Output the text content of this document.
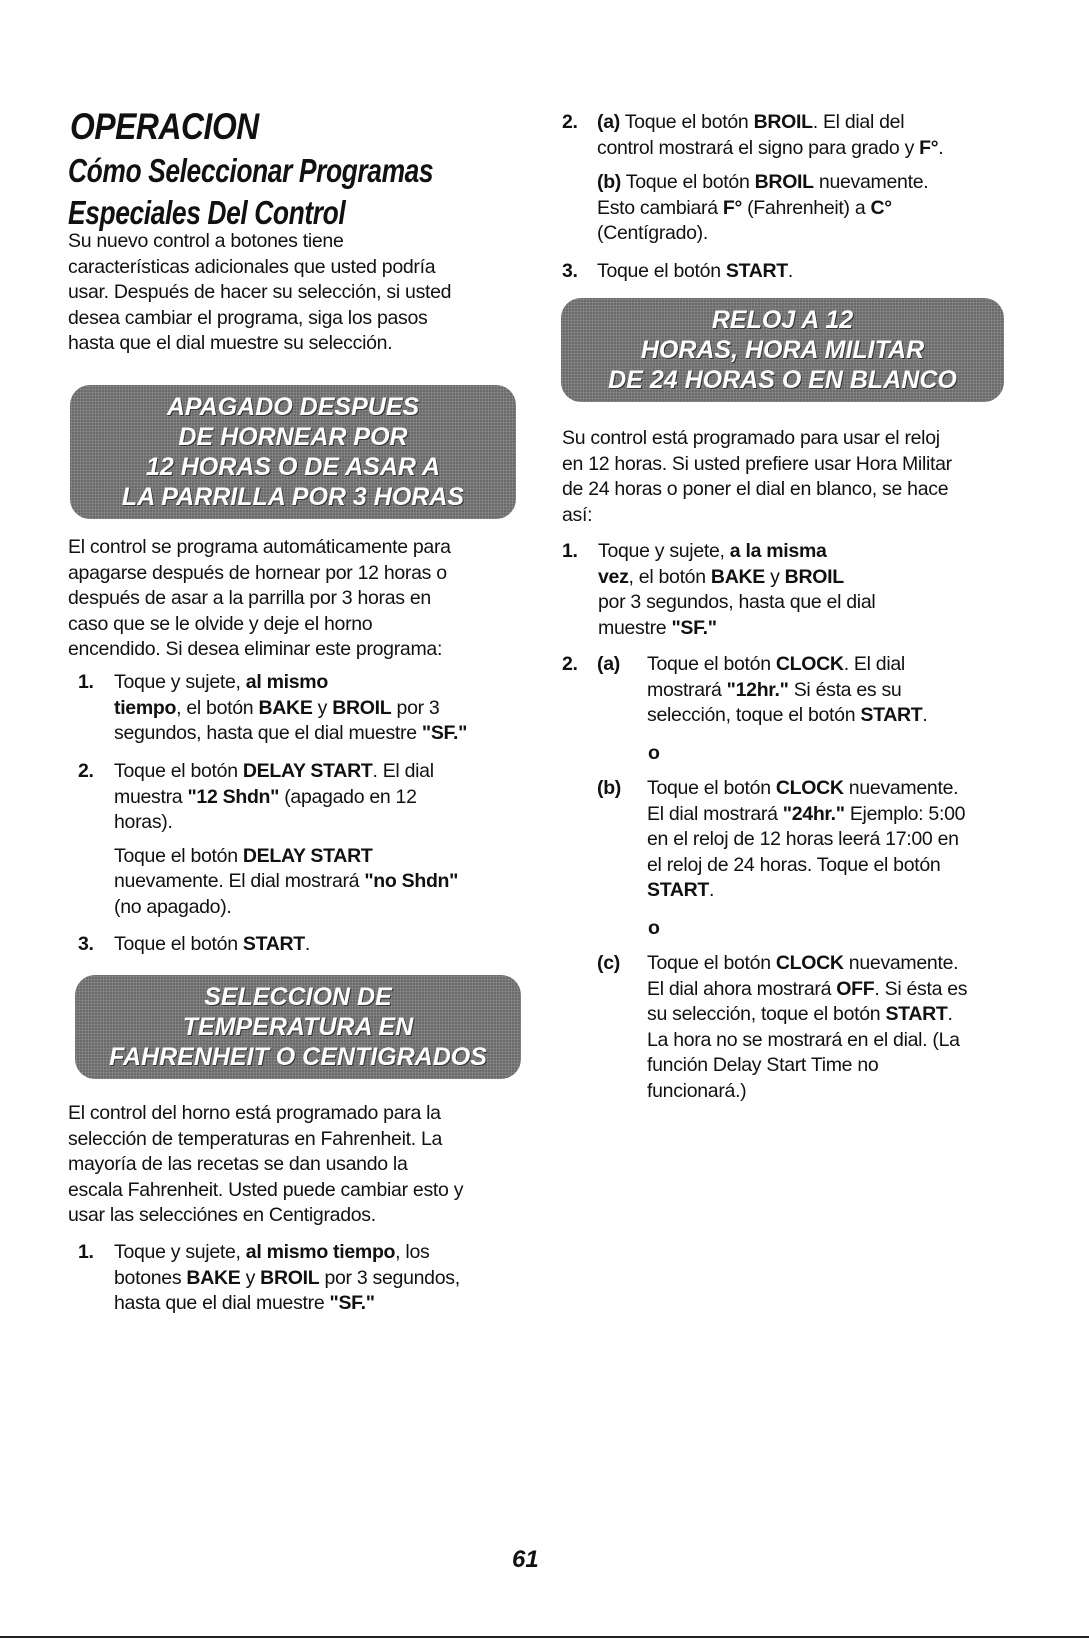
OPERACION
Cómo Seleccionar Programas
Especiales Del Control
Su nuevo control a botones tiene
características adicionales que usted podría
usar. Después de hacer su selección, si usted
desea cambiar el programa, siga los pasos
hasta que el dial muestre su selección.
APAGADO DESPUES
DE HORNEAR POR
12 HORAS O DE ASAR A
LA PARRILLA POR 3 HORAS
El control se programa automáticamente para
apagarse después de hornear por 12 horas o
después de asar a la parrilla por 3 horas en
caso que se le olvide y deje el horno
encendido. Si desea eliminar este programa:
1. Toque y sujete, al mismo
tiempo, el botón BAKE y BROIL por 3
segundos, hasta que el dial muestre "SF."
2. Toque el botón DELAY START. El dial
muestra "12 Shdn" (apagado en 12
horas).
Toque el botón DELAY START
nuevamente. El dial mostrará "no Shdn"
(no apagado).
3. Toque el botón START.
SELECCION DE
TEMPERATURA EN
FAHRENHEIT O CENTIGRADOS
El control del horno está programado para la
selección de temperaturas en Fahrenheit. La
mayoría de las recetas se dan usando la
escala Fahrenheit. Usted puede cambiar esto y
usar las selecciónes en Centigrados.
1. Toque y sujete, al mismo tiempo, los
botones BAKE y BROIL por 3 segundos,
hasta que el dial muestre "SF."
2. (a) Toque el botón BROIL. El dial del
control mostrará el signo para grado y F°.
(b) Toque el botón BROIL nuevamente.
Esto cambiará F° (Fahrenheit) a C°
(Centígrado).
3. Toque el botón START.
RELOJ A 12
HORAS, HORA MILITAR
DE 24 HORAS O EN BLANCO
Su control está programado para usar el reloj
en 12 horas. Si usted prefiere usar Hora Militar
de 24 horas o poner el dial en blanco, se hace
así:
1. Toque y sujete, a la misma
vez, el botón BAKE y BROIL
por 3 segundos, hasta que el dial
muestre "SF."
2. (a) Toque el botón CLOCK. El dial
mostrará "12hr." Si ésta es su
selección, toque el botón START.
o
(b) Toque el botón CLOCK nuevamente.
El dial mostrará "24hr." Ejemplo: 5:00
en el reloj de 12 horas leerá 17:00 en
el reloj de 24 horas. Toque el botón
START.
o
(c) Toque el botón CLOCK nuevamente.
El dial ahora mostrará OFF. Si ésta es
su selección, toque el botón START.
La hora no se mostrará en el dial. (La
función Delay Start Time no
funcionará.)
61
